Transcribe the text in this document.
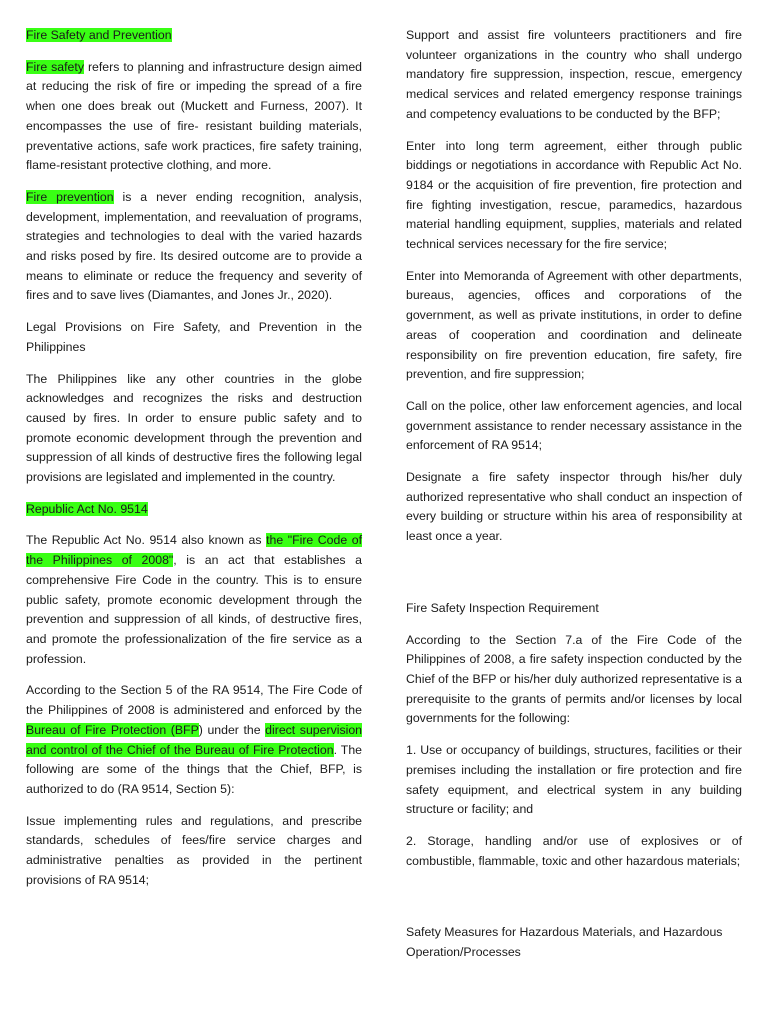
Fire Safety and Prevention

Fire safety refers to planning and infrastructure design aimed at reducing the risk of fire or impeding the spread of a fire when one does break out (Muckett and Furness, 2007). It encompasses the use of fire- resistant building materials, preventative actions, safe work practices, fire safety training, flame-resistant protective clothing, and more.

Fire prevention is a never ending recognition, analysis, development, implementation, and reevaluation of programs, strategies and technologies to deal with the varied hazards and risks posed by fire. Its desired outcome are to provide a means to eliminate or reduce the frequency and severity of fires and to save lives (Diamantes, and Jones Jr., 2020).

Legal Provisions on Fire Safety, and Prevention in the Philippines

The Philippines like any other countries in the globe acknowledges and recognizes the risks and destruction caused by fires. In order to ensure public safety and to promote economic development through the prevention and suppression of all kinds of destructive fires the following legal provisions are legislated and implemented in the country.

Republic Act No. 9514

The Republic Act No. 9514 also known as the "Fire Code of the Philippines of 2008", is an act that establishes a comprehensive Fire Code in the country. This is to ensure public safety, promote economic development through the prevention and suppression of all kinds, of destructive fires, and promote the professionalization of the fire service as a profession.

According to the Section 5 of the RA 9514, The Fire Code of the Philippines of 2008 is administered and enforced by the Bureau of Fire Protection (BFP) under the direct supervision and control of the Chief of the Bureau of Fire Protection. The following are some of the things that the Chief, BFP, is authorized to do (RA 9514, Section 5):

Issue implementing rules and regulations, and prescribe standards, schedules of fees/fire service charges and administrative penalties as provided in the pertinent provisions of RA 9514;

Support and assist fire volunteers practitioners and fire volunteer organizations in the country who shall undergo mandatory fire suppression, inspection, rescue, emergency medical services and related emergency response trainings and competency evaluations to be conducted by the BFP;

Enter into long term agreement, either through public biddings or negotiations in accordance with Republic Act No. 9184 or the acquisition of fire prevention, fire protection and fire fighting investigation, rescue, paramedics, hazardous material handling equipment, supplies, materials and related technical services necessary for the fire service;

Enter into Memoranda of Agreement with other departments, bureaus, agencies, offices and corporations of the government, as well as private institutions, in order to define areas of cooperation and coordination and delineate responsibility on fire prevention education, fire safety, fire prevention, and fire suppression;

Call on the police, other law enforcement agencies, and local government assistance to render necessary assistance in the enforcement of RA 9514;

Designate a fire safety inspector through his/her duly authorized representative who shall conduct an inspection of every building or structure within his area of responsibility at least once a year.

Fire Safety Inspection Requirement

According to the Section 7.a of the Fire Code of the Philippines of 2008, a fire safety inspection conducted by the Chief of the BFP or his/her duly authorized representative is a prerequisite to the grants of permits and/or licenses by local governments for the following:

1. Use or occupancy of buildings, structures, facilities or their premises including the installation or fire protection and fire safety equipment, and electrical system in any building structure or facility; and

2. Storage, handling and/or use of explosives or of combustible, flammable, toxic and other hazardous materials;

Safety Measures for Hazardous Materials, and Hazardous Operation/Processes
